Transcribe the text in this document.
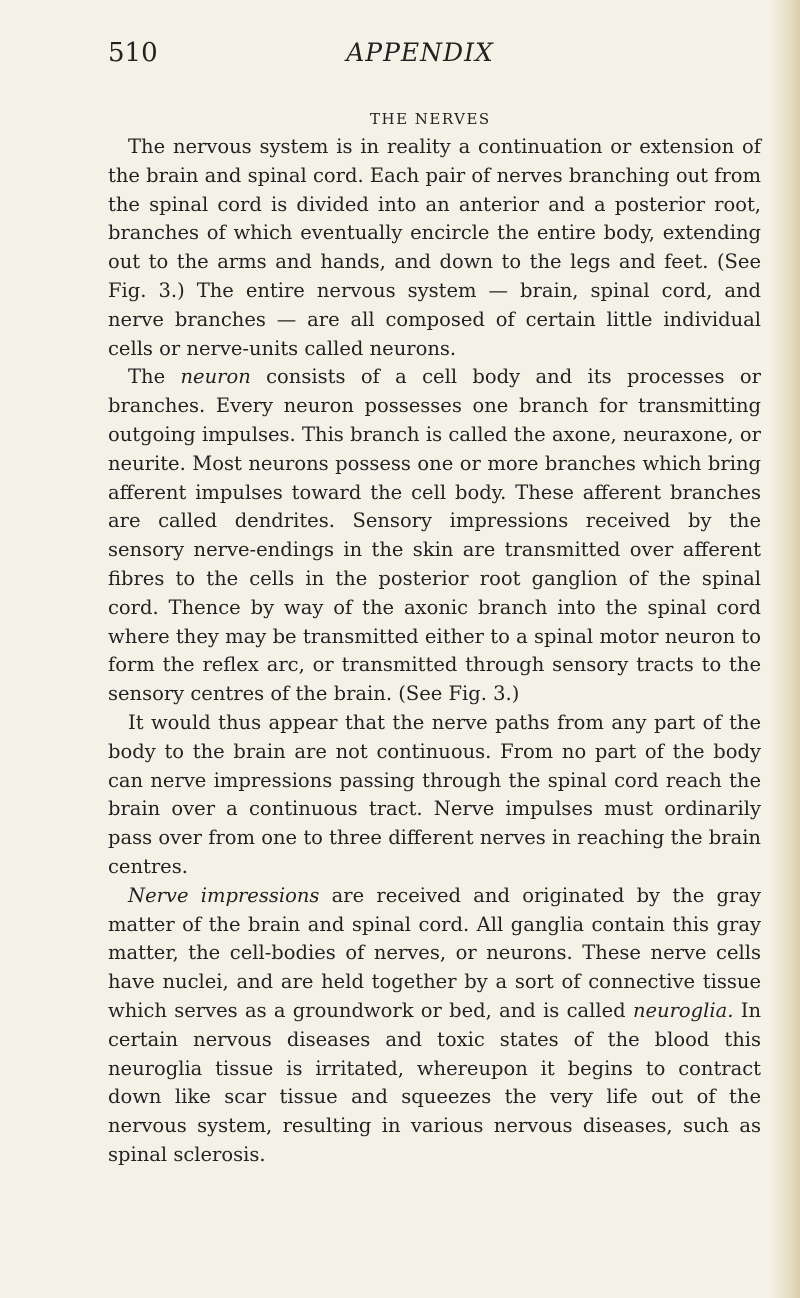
510	APPENDIX
THE NERVES

The nervous system is in reality a continuation or extension of the brain and spinal cord. Each pair of nerves branching out from the spinal cord is divided into an anterior and a posterior root, branches of which eventually encircle the entire body, extending out to the arms and hands, and down to the legs and feet. (See Fig. 3.) The entire nervous system — brain, spinal cord, and nerve branches — are all composed of certain little individual cells or nerve-units called neurons.

The neuron consists of a cell body and its processes or branches. Every neuron possesses one branch for transmitting outgoing impulses. This branch is called the axone, neuraxone, or neurite. Most neurons possess one or more branches which bring afferent impulses toward the cell body. These afferent branches are called dendrites. Sensory impressions received by the sensory nerve-endings in the skin are transmitted over afferent fibres to the cells in the posterior root ganglion of the spinal cord. Thence by way of the axonic branch into the spinal cord where they may be transmitted either to a spinal motor neuron to form the reflex arc, or transmitted through sensory tracts to the sensory centres of the brain. (See Fig. 3.)

It would thus appear that the nerve paths from any part of the body to the brain are not continuous. From no part of the body can nerve impressions passing through the spinal cord reach the brain over a continuous tract. Nerve impulses must ordinarily pass over from one to three different nerves in reaching the brain centres.

Nerve impressions are received and originated by the gray matter of the brain and spinal cord. All ganglia contain this gray matter, the cell-bodies of nerves, or neurons. These nerve cells have nuclei, and are held together by a sort of connective tissue which serves as a groundwork or bed, and is called neuroglia. In certain nervous diseases and toxic states of the blood this neuroglia tissue is irritated, whereupon it begins to contract down like scar tissue and squeezes the very life out of the nervous system, resulting in various nervous diseases, such as spinal sclerosis.
